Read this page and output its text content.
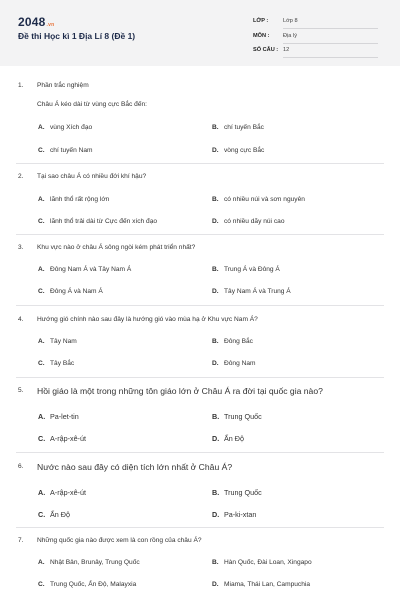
2048.vn
Đề thi Học kì 1 Địa Lí 8 (Đề 1)
LỚP :	Lớp 8
MÔN : Địa lý
SỐ CÂU : 12
1. Phần trắc nghiệm
Châu Á kéo dài từ vùng cực Bắc đến:
A. vùng Xích đạo	B. chí tuyến Bắc
C. chí tuyến Nam	D. vòng cực Bắc
2. Tại sao châu Á có nhiều đới khí hậu?
A. lãnh thổ rất rộng lớn	B. có nhiều núi và sơn nguyên
C. lãnh thổ trải dài từ Cực đến xích đạo	D. có nhiều dãy núi cao
3. Khu vực nào ở châu Á sông ngòi kém phát triển nhất?
A. Đông Nam Á và Tây Nam Á	B. Trung Á và Đông Á
C. Đông Á và Nam Á	D. Tây Nam Á và Trung Á
4. Hướng gió chính nào sau đây là hướng gió vào mùa hạ ở Khu vực Nam Á?
A. Tây Nam	B. Đông Bắc
C. Tây Bắc	D. Đông Nam
5. Hồi giáo là một trong những tôn giáo lớn ở Châu Á ra đời tại quốc gia nào?
A. Pa-let-tin	B. Trung Quốc
C. A-rập-xê-út	D. Ấn Độ
6. Nước nào sau đây có diện tích lớn nhất ở Châu Á?
A. A-rập-xê-út	B. Trung Quốc
C. Ấn Độ	D. Pa-ki-xtan
7. Những quốc gia nào được xem là con rồng của châu Á?
A. Nhật Bản, Brunây, Trung Quốc	B. Hàn Quốc, Đài Loan, Xingapo
C. Trung Quốc, Ấn Độ, Malayxia	D. Miama, Thái Lan, Campuchia
